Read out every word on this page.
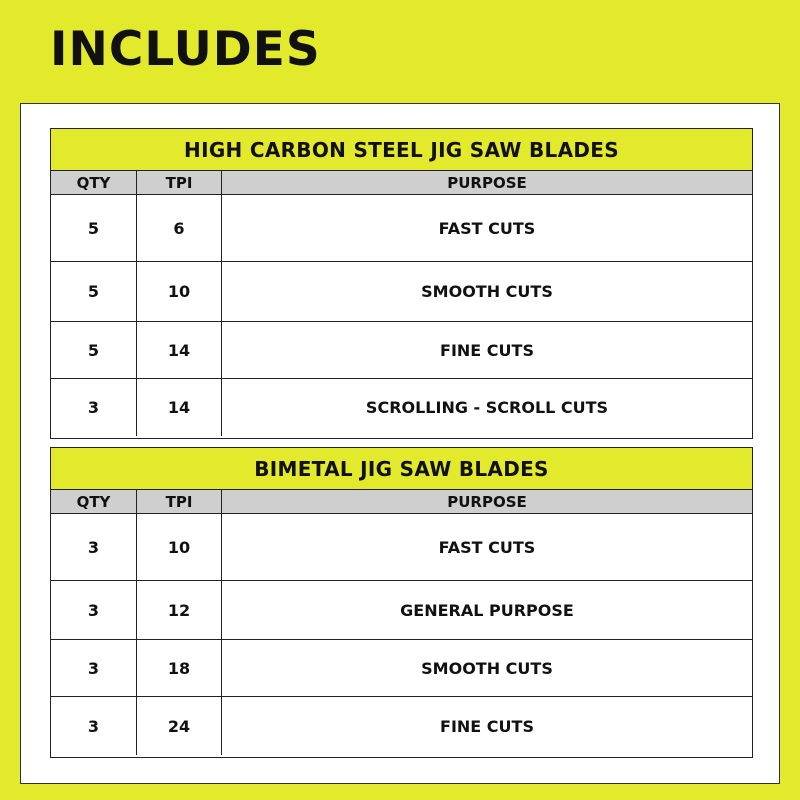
INCLUDES
HIGH CARBON STEEL JIG SAW BLADES
QTY	TPI	PURPOSE
5	6	FAST CUTS
5	10	SMOOTH CUTS
5	14	FINE CUTS
3	14	SCROLLING - SCROLL CUTS
BIMETAL JIG SAW BLADES
QTY	TPI	PURPOSE
3	10	FAST CUTS
3	12	GENERAL PURPOSE
3	18	SMOOTH CUTS
3	24	FINE CUTS
